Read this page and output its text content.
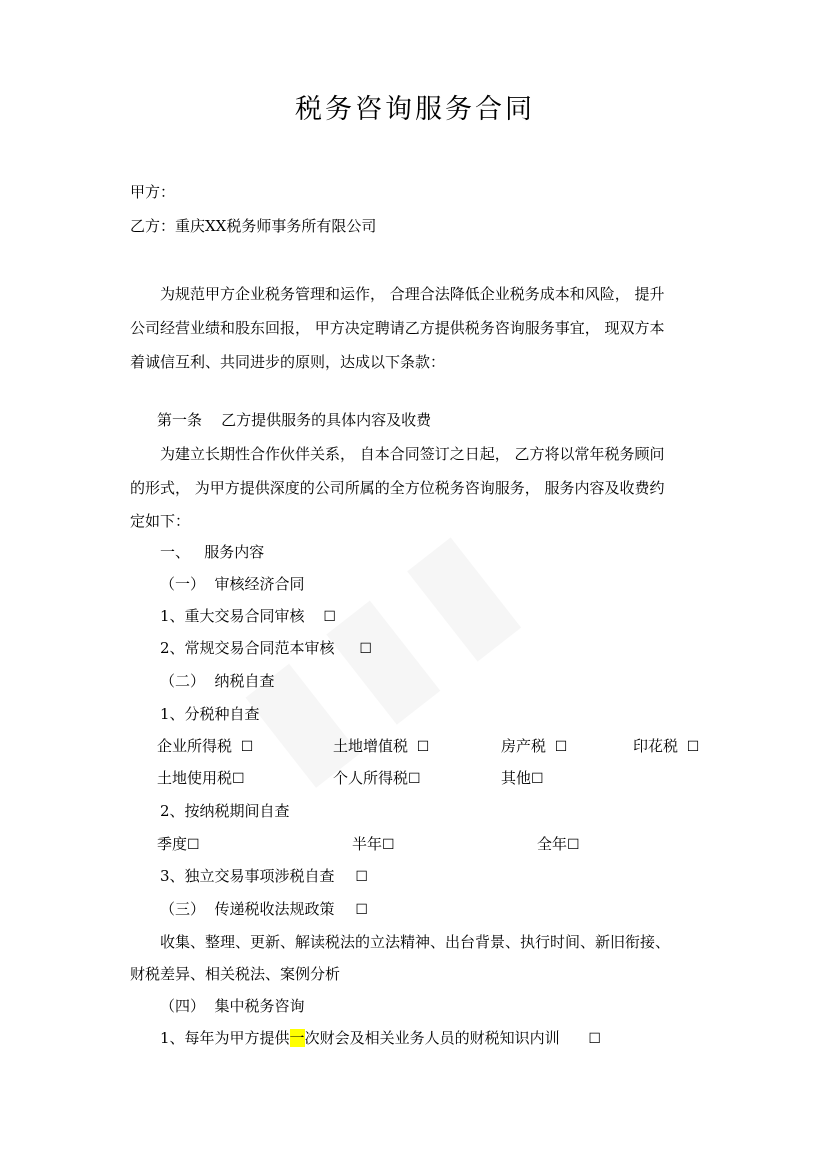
税务咨询服务合同
甲方：
乙方：重庆XX税务师事务所有限公司
为规范甲方企业税务管理和运作， 合理合法降低企业税务成本和风险， 提升
公司经营业绩和股东回报， 甲方决定聘请乙方提供税务咨询服务事宜， 现双方本
着诚信互利、共同进步的原则，达成以下条款：
第一条    乙方提供服务的具体内容及收费
为建立长期性合作伙伴关系， 自本合同签订之日起， 乙方将以常年税务顾问
的形式， 为甲方提供深度的公司所属的全方位税务咨询服务， 服务内容及收费约
定如下：
一、   服务内容
（一）  审核经济合同
1、重大交易合同审核 ☐
2、常规交易合同范本审核 ☐
（二）  纳税自查
1、分税种自查
企业所得税 ☐	土地增值税 ☐	房产税 ☐	印花税 ☐
土地使用税☐	个人所得税☐	其他☐
2、按纳税期间自查
季度☐	半年☐	全年☐
3、独立交易事项涉税自查 ☐
（三）  传递税收法规政策 ☐
收集、整理、更新、解读税法的立法精神、出台背景、执行时间、新旧衔接、
财税差异、相关税法、案例分析
（四）  集中税务咨询
1、每年为甲方提供一次财会及相关业务人员的财税知识内训 ☐
